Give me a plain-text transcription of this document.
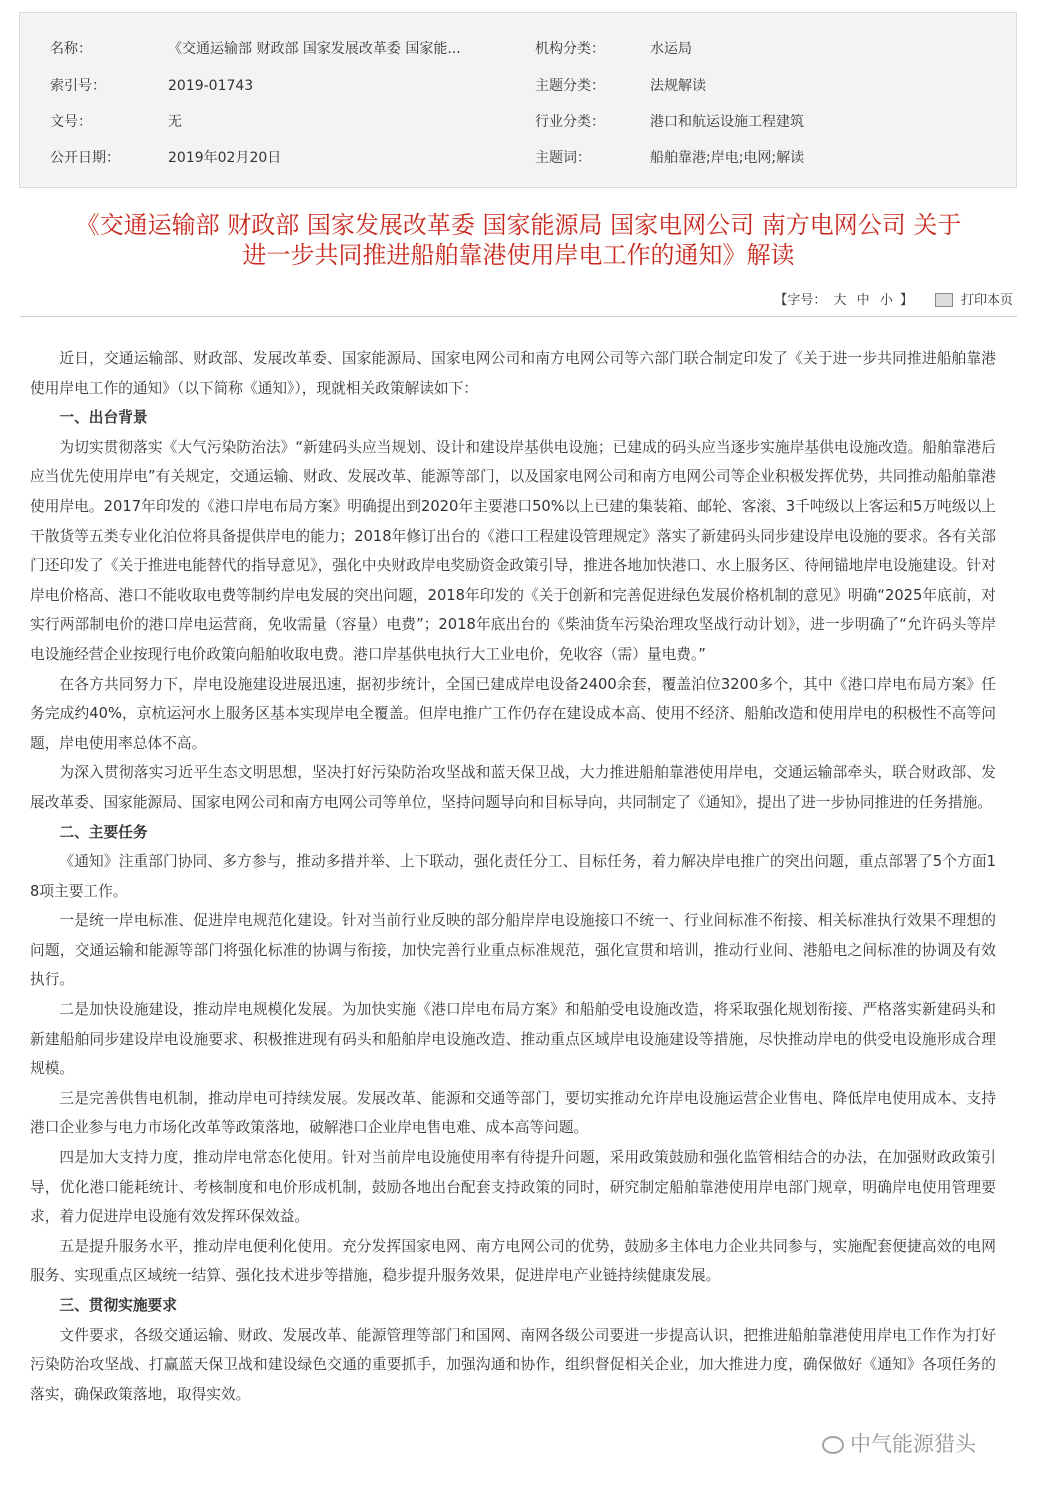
名称：	《交通运输部 财政部 国家发展改革委 国家能...	机构分类：	水运局
索引号：	2019-01743	主题分类：	法规解读
文号：	无	行业分类：	港口和航运设施工程建筑
公开日期：	2019年02月20日	主题词：	船舶靠港;岸电;电网;解读
《交通运输部 财政部 国家发展改革委 国家能源局 国家电网公司 南方电网公司 关于
进一步共同推进船舶靠港使用岸电工作的通知》解读
【字号： 大 中 小 】	打印本页

近日，交通运输部、财政部、发展改革委、国家能源局、国家电网公司和南方电网公司等六部门联合制定印发了《关于进一步共同推进船舶靠港使用岸电工作的通知》（以下简称《通知》），现就相关政策解读如下：

一、出台背景

为切实贯彻落实《大气污染防治法》“新建码头应当规划、设计和建设岸基供电设施；已建成的码头应当逐步实施岸基供电设施改造。船舶靠港后应当优先使用岸电”有关规定，交通运输、财政、发展改革、能源等部门，以及国家电网公司和南方电网公司等企业积极发挥优势，共同推动船舶靠港使用岸电。2017年印发的《港口岸电布局方案》明确提出到2020年主要港口50%以上已建的集装箱、邮轮、客滚、3千吨级以上客运和5万吨级以上干散货等五类专业化泊位将具备提供岸电的能力；2018年修订出台的《港口工程建设管理规定》落实了新建码头同步建设岸电设施的要求。各有关部门还印发了《关于推进电能替代的指导意见》，强化中央财政岸电奖励资金政策引导，推进各地加快港口、水上服务区、待闸锚地岸电设施建设。针对岸电价格高、港口不能收取电费等制约岸电发展的突出问题，2018年印发的《关于创新和完善促进绿色发展价格机制的意见》明确“2025年底前，对实行两部制电价的港口岸电运营商，免收需量（容量）电费”；2018年底出台的《柴油货车污染治理攻坚战行动计划》，进一步明确了“允许码头等岸电设施经营企业按现行电价政策向船舶收取电费。港口岸基供电执行大工业电价，免收容（需）量电费。”

在各方共同努力下，岸电设施建设进展迅速，据初步统计，全国已建成岸电设备2400余套，覆盖泊位3200多个，其中《港口岸电布局方案》任务完成约40%，京杭运河水上服务区基本实现岸电全覆盖。但岸电推广工作仍存在建设成本高、使用不经济、船舶改造和使用岸电的积极性不高等问题，岸电使用率总体不高。

为深入贯彻落实习近平生态文明思想，坚决打好污染防治攻坚战和蓝天保卫战，大力推进船舶靠港使用岸电，交通运输部牵头，联合财政部、发展改革委、国家能源局、国家电网公司和南方电网公司等单位，坚持问题导向和目标导向，共同制定了《通知》，提出了进一步协同推进的任务措施。

二、主要任务

《通知》注重部门协同、多方参与，推动多措并举、上下联动，强化责任分工、目标任务，着力解决岸电推广的突出问题，重点部署了5个方面18项主要工作。

一是统一岸电标准、促进岸电规范化建设。针对当前行业反映的部分船岸岸电设施接口不统一、行业间标准不衔接、相关标准执行效果不理想的问题，交通运输和能源等部门将强化标准的协调与衔接，加快完善行业重点标准规范，强化宣贯和培训，推动行业间、港船电之间标准的协调及有效执行。

二是加快设施建设，推动岸电规模化发展。为加快实施《港口岸电布局方案》和船舶受电设施改造，将采取强化规划衔接、严格落实新建码头和新建船舶同步建设岸电设施要求、积极推进现有码头和船舶岸电设施改造、推动重点区域岸电设施建设等措施，尽快推动岸电的供受电设施形成合理规模。

三是完善供售电机制，推动岸电可持续发展。发展改革、能源和交通等部门，要切实推动允许岸电设施运营企业售电、降低岸电使用成本、支持港口企业参与电力市场化改革等政策落地，破解港口企业岸电售电难、成本高等问题。

四是加大支持力度，推动岸电常态化使用。针对当前岸电设施使用率有待提升问题，采用政策鼓励和强化监管相结合的办法，在加强财政政策引导，优化港口能耗统计、考核制度和电价形成机制，鼓励各地出台配套支持政策的同时，研究制定船舶靠港使用岸电部门规章，明确岸电使用管理要求，着力促进岸电设施有效发挥环保效益。

五是提升服务水平，推动岸电便利化使用。充分发挥国家电网、南方电网公司的优势，鼓励多主体电力企业共同参与，实施配套便捷高效的电网服务、实现重点区域统一结算、强化技术进步等措施，稳步提升服务效果，促进岸电产业链持续健康发展。

三、贯彻实施要求

文件要求，各级交通运输、财政、发展改革、能源管理等部门和国网、南网各级公司要进一步提高认识，把推进船舶靠港使用岸电工作作为打好污染防治攻坚战、打赢蓝天保卫战和建设绿色交通的重要抓手，加强沟通和协作，组织督促相关企业，加大推进力度，确保做好《通知》各项任务的落实，确保政策落地，取得实效。

中气能源猎头
